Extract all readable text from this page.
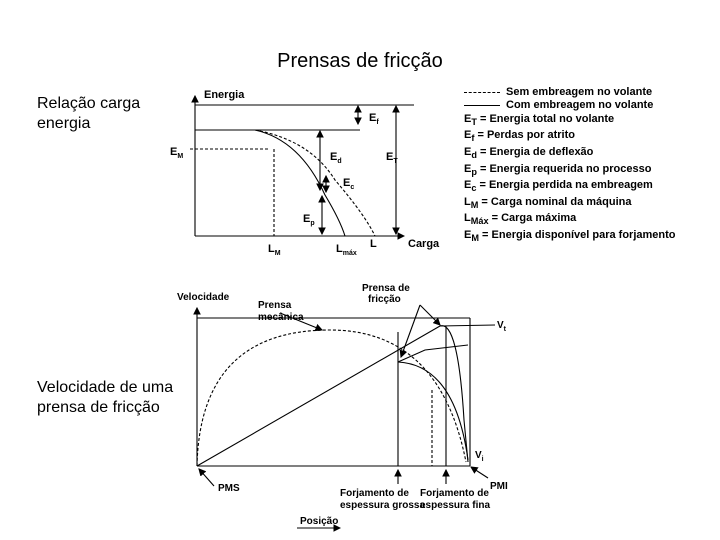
Prensas de fricção
Relação carga energia
Velocidade de uma prensa de fricção
Energia
Carga
$E_f$
$E_M$	$E_d$	$E_T$
$E_c$
$E_p$
$L_M$	$L_{máx}$
L
Sem embreagem no volante
Com embreagem no volante
$E_T$ = Energia total no volante
$E_f$ = Perdas por atrito
$E_d$ = Energia de deflexão
$E_p$ = Energia requerida no processo
$E_c$ = Energia perdida na embreagem
$L_M$ = Carga nominal da máquina
$L_{Máx}$ = Carga máxima
$E_M$ = Energia disponível para forjamento
Velocidade
Prensa
mecânica
Prensa de
fricção
$V_t$
$V_i$
PMS	PMI
Forjamento de
espessura grossa
Forjamento de
espessura fina
Posição
